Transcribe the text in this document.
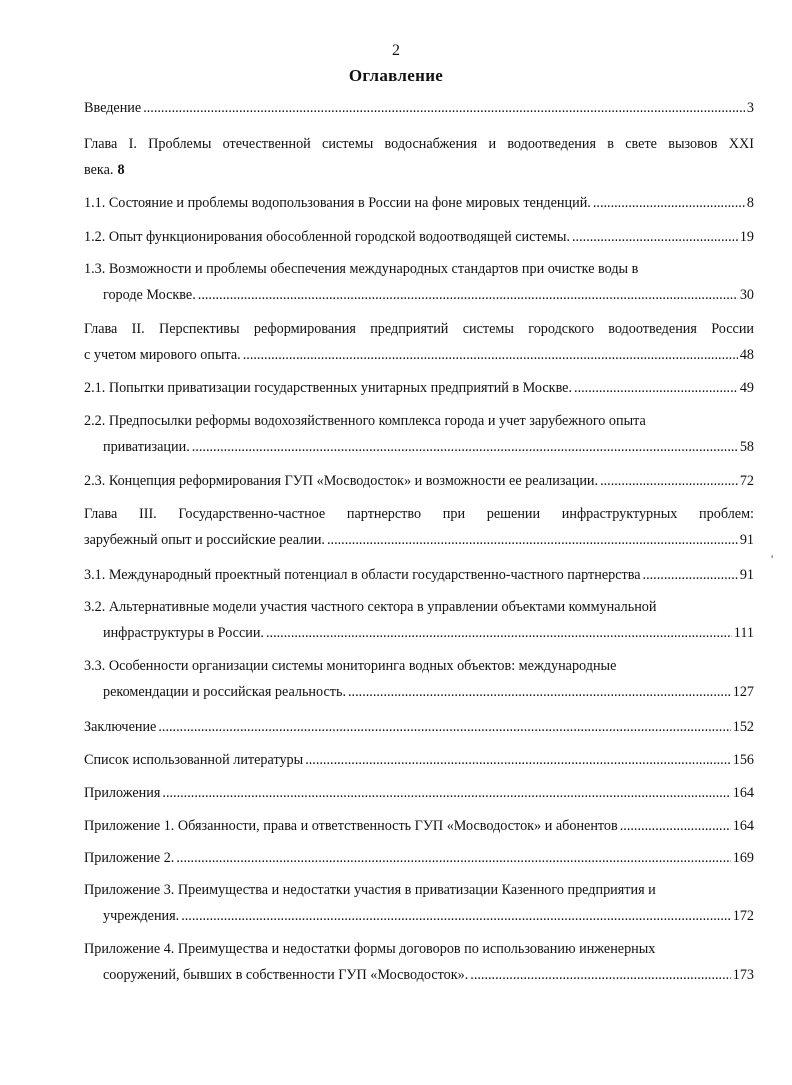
2
Оглавление
Введение .....	3
Глава I. Проблемы отечественной системы водоснабжения и водоотведения в свете вызовов XXI
века. 8
1.1. Состояние и проблемы водопользования в России на фоне мировых тенденций. .....	8
1.2. Опыт функционирования обособленной городской водоотводящей системы. .....	19
1.3. Возможности и проблемы обеспечения международных стандартов при очистке воды в
городе Москве. .....	30
Глава II. Перспективы реформирования предприятий системы городского водоотведения России
с учетом мирового опыта. .....	48
2.1. Попытки приватизации государственных унитарных предприятий в Москве. .....	49
2.2. Предпосылки реформы водохозяйственного комплекса города и учет зарубежного опыта
приватизации. .....	58
2.3. Концепция реформирования ГУП «Мосводосток» и возможности ее реализации. .....	72
Глава III. Государственно-частное партнерство при решении инфраструктурных проблем:
зарубежный опыт и российские реалии. .....	91
3.1. Международный проектный потенциал в области государственно-частного партнерства .....	91
3.2. Альтернативные модели участия частного сектора в управлении объектами коммунальной
инфраструктуры в России. .....	111
3.3. Особенности организации системы мониторинга водных объектов: международные
рекомендации и российская реальность. .....	127
Заключение .....	152
Список использованной литературы .....	156
Приложения .....	164
Приложение 1. Обязанности, права и ответственность ГУП «Мосводосток» и абонентов .....	164
Приложение 2. .....	169
Приложение 3. Преимущества и недостатки участия в приватизации Казенного предприятия и
учреждения. .....	172
Приложение 4. Преимущества и недостатки формы договоров по использованию инженерных
сооружений, бывших в собственности ГУП «Мосводосток». .....	173
'
